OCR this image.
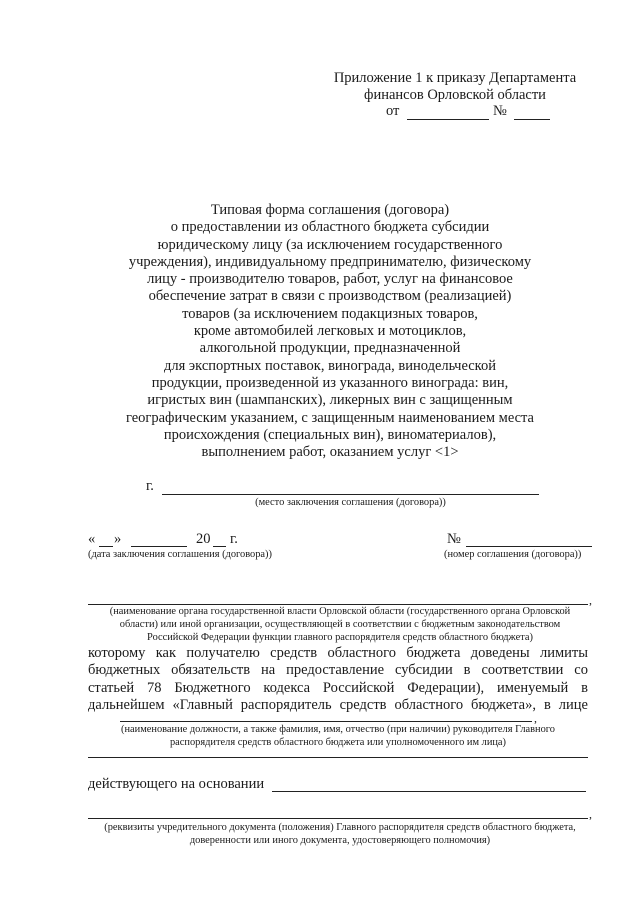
Приложение 1 к приказу Департамента
финансов Орловской области
от	№
Типовая форма соглашения (договора)
о предоставлении из областного бюджета субсидии
юридическому лицу (за исключением государственного
учреждения), индивидуальному предпринимателю, физическому
лицу - производителю товаров, работ, услуг на финансовое
обеспечение затрат в связи с производством (реализацией)
товаров (за исключением подакцизных товаров,
кроме автомобилей легковых и мотоциклов,
алкогольной продукции, предназначенной
для экспортных поставок, винограда, винодельческой
продукции, произведенной из указанного винограда: вин,
игристых вин (шампанских), ликерных вин с защищенным
географическим указанием, с защищенным наименованием места
происхождения (специальных вин), виноматериалов),
выполнением работ, оказанием услуг <1>
г.
(место заключения соглашения (договора))
« »	20 г.
(дата заключения соглашения (договора))
№
(номер соглашения (договора))
,
(наименование органа государственной власти Орловской области (государственного органа Орловской
области) или иной организации, осуществляющей в соответствии с бюджетным законодательством
Российской Федерации функции главного распорядителя средств областного бюджета)
которому как получателю средств областного бюджета доведены лимиты
бюджетных обязательств на предоставление субсидии в соответствии со
статьей 78 Бюджетного кодекса Российской Федерации), именуемый в
дальнейшем «Главный распорядитель средств областного бюджета», в лице
,
(наименование должности, а также фамилия, имя, отчество (при наличии) руководителя Главного
распорядителя средств областного бюджета или уполномоченного им лица)
действующего на основании
,
(реквизиты учредительного документа (положения) Главного распорядителя средств областного бюджета,
доверенности или иного документа, удостоверяющего полномочия)
